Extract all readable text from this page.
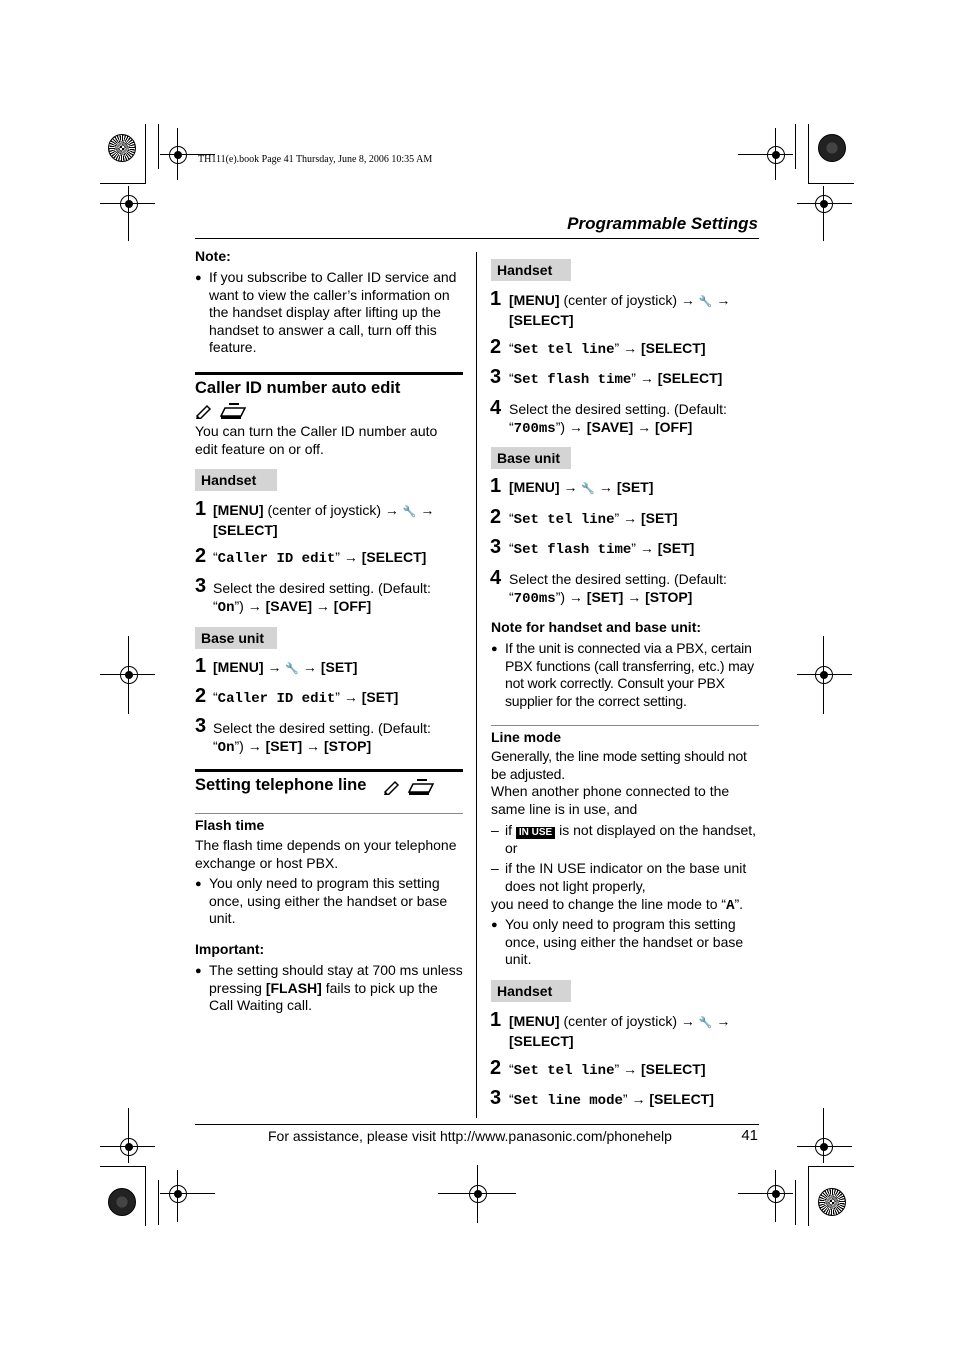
TH111(e).book Page 41 Thursday, June 8, 2006 10:35 AM
Programmable Settings
Note:
● If you subscribe to Caller ID service and want to view the caller’s information on the handset display after lifting up the handset to answer a call, turn off this feature.
Caller ID number auto edit
You can turn the Caller ID number auto edit feature on or off.
Handset
1 [MENU] (center of joystick) → 🔧 → [SELECT]
2 “Caller ID edit” → [SELECT]
3 Select the desired setting. (Default:
“On”) → [SAVE] → [OFF]
Base unit
1 [MENU] → 🔧 → [SET]
2 “Caller ID edit” → [SET]
3 Select the desired setting. (Default:
“On”) → [SET] → [STOP]
Setting telephone line
Flash time
The flash time depends on your telephone exchange or host PBX.
● You only need to program this setting once, using either the handset or base unit.
Important:
● The setting should stay at 700 ms unless pressing [FLASH] fails to pick up the Call Waiting call.
Handset
1 [MENU] (center of joystick) → 🔧 → [SELECT]
2 “Set tel line” → [SELECT]
3 “Set flash time” → [SELECT]
4 Select the desired setting. (Default:
“700ms”) → [SAVE] → [OFF]
Base unit
1 [MENU] → 🔧 → [SET]
2 “Set tel line” → [SET]
3 “Set flash time” → [SET]
4 Select the desired setting. (Default:
“700ms”) → [SET] → [STOP]
Note for handset and base unit:
● If the unit is connected via a PBX, certain PBX functions (call transferring, etc.) may not work correctly. Consult your PBX supplier for the correct setting.
Line mode
Generally, the line mode setting should not be adjusted.
When another phone connected to the same line is in use, and
– if IN USE is not displayed on the handset, or
– if the IN USE indicator on the base unit does not light properly,
you need to change the line mode to “A”.
● You only need to program this setting once, using either the handset or base unit.
Handset
1 [MENU] (center of joystick) → 🔧 → [SELECT]
2 “Set tel line” → [SELECT]
3 “Set line mode” → [SELECT]
For assistance, please visit http://www.panasonic.com/phonehelp	41
